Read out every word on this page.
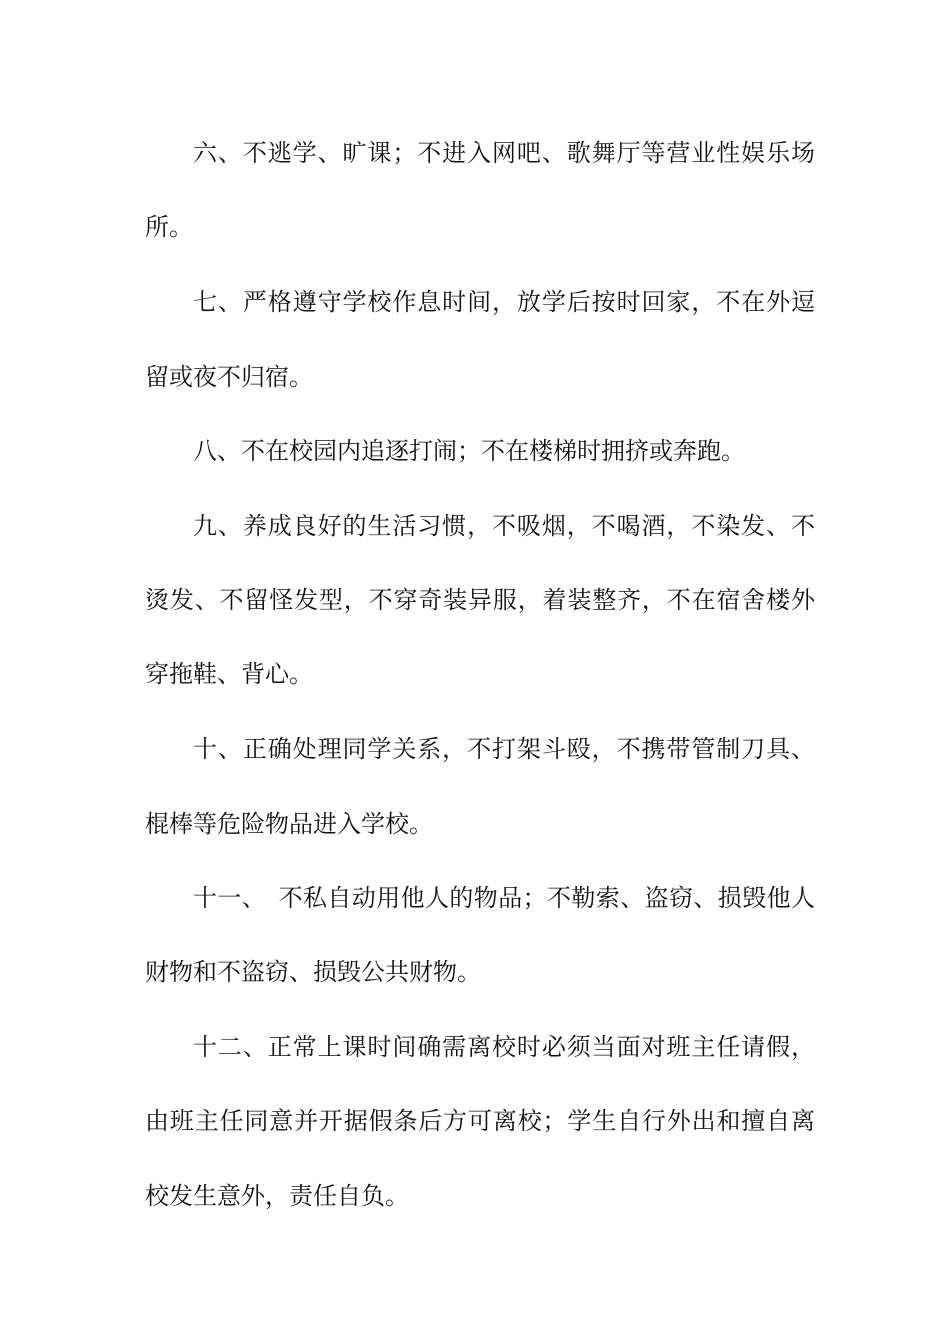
六、不逃学、旷课；不进入网吧、歌舞厅等营业性娱乐场
所。
七、严格遵守学校作息时间，放学后按时回家，不在外逗
留或夜不归宿。
八、不在校园内追逐打闹；不在楼梯时拥挤或奔跑。
九、养成良好的生活习惯，不吸烟，不喝酒，不染发、不
烫发、不留怪发型，不穿奇装异服，着装整齐，不在宿舍楼外
穿拖鞋、背心。
十、正确处理同学关系，不打架斗殴，不携带管制刀具、
棍棒等危险物品进入学校。
十一、　不私自动用他人的物品；不勒索、盗窃、损毁他人
财物和不盗窃、损毁公共财物。
十二、正常上课时间确需离校时必须当面对班主任请假，
由班主任同意并开据假条后方可离校；学生自行外出和擅自离
校发生意外，责任自负。
